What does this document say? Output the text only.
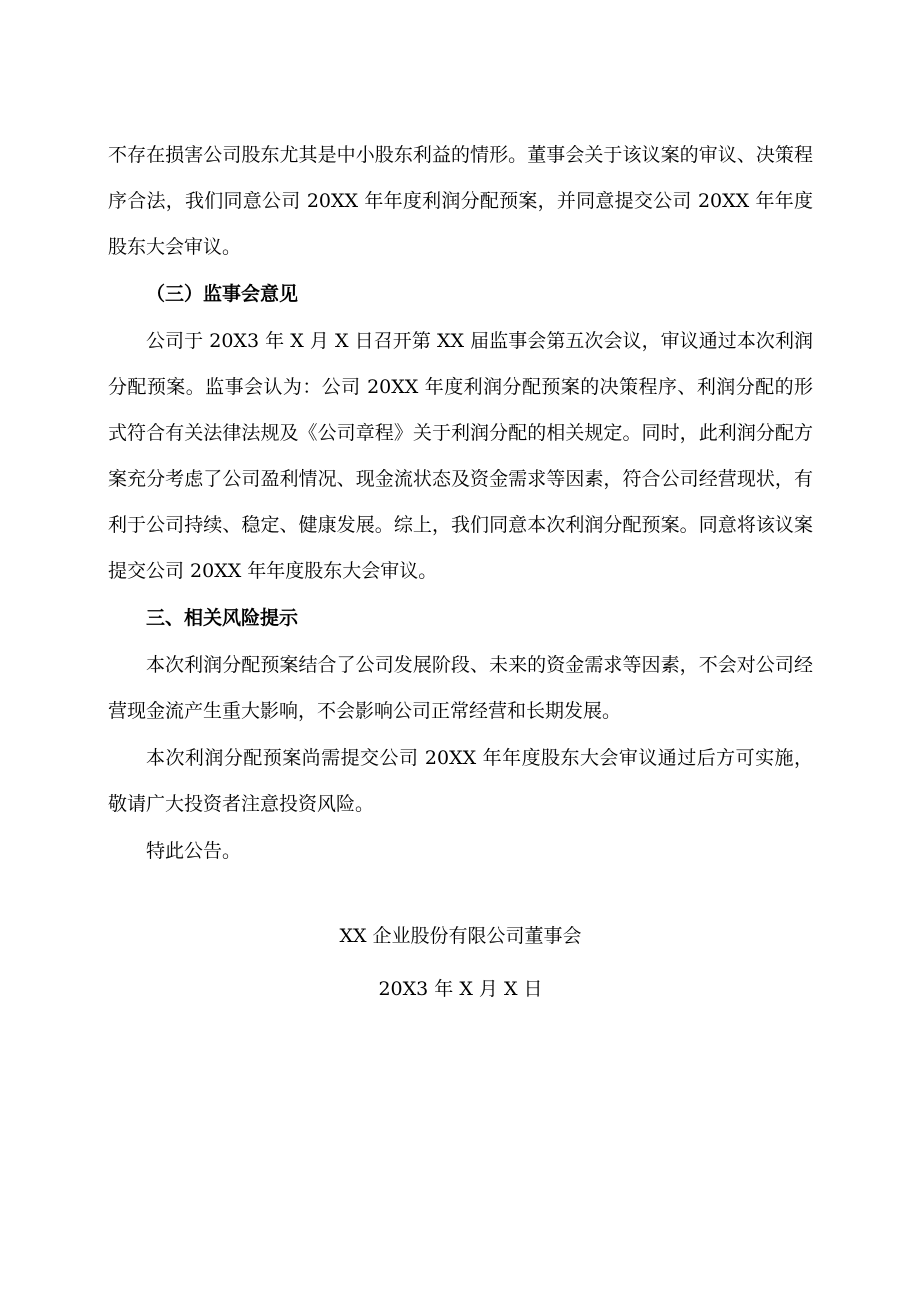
不存在损害公司股东尤其是中小股东利益的情形。董事会关于该议案的审议、决策程序合法，我们同意公司 20XX 年年度利润分配预案，并同意提交公司 20XX 年年度股东大会审议。

（三）监事会意见

公司于 20X3 年 X 月 X 日召开第 XX 届监事会第五次会议，审议通过本次利润分配预案。监事会认为：公司 20XX 年度利润分配预案的决策程序、利润分配的形式符合有关法律法规及《公司章程》关于利润分配的相关规定。同时，此利润分配方案充分考虑了公司盈利情况、现金流状态及资金需求等因素，符合公司经营现状，有利于公司持续、稳定、健康发展。综上，我们同意本次利润分配预案。同意将该议案提交公司 20XX 年年度股东大会审议。

三、相关风险提示

本次利润分配预案结合了公司发展阶段、未来的资金需求等因素，不会对公司经营现金流产生重大影响，不会影响公司正常经营和长期发展。

本次利润分配预案尚需提交公司 20XX 年年度股东大会审议通过后方可实施，敬请广大投资者注意投资风险。

特此公告。

XX 企业股份有限公司董事会
20X3 年 X 月 X 日
